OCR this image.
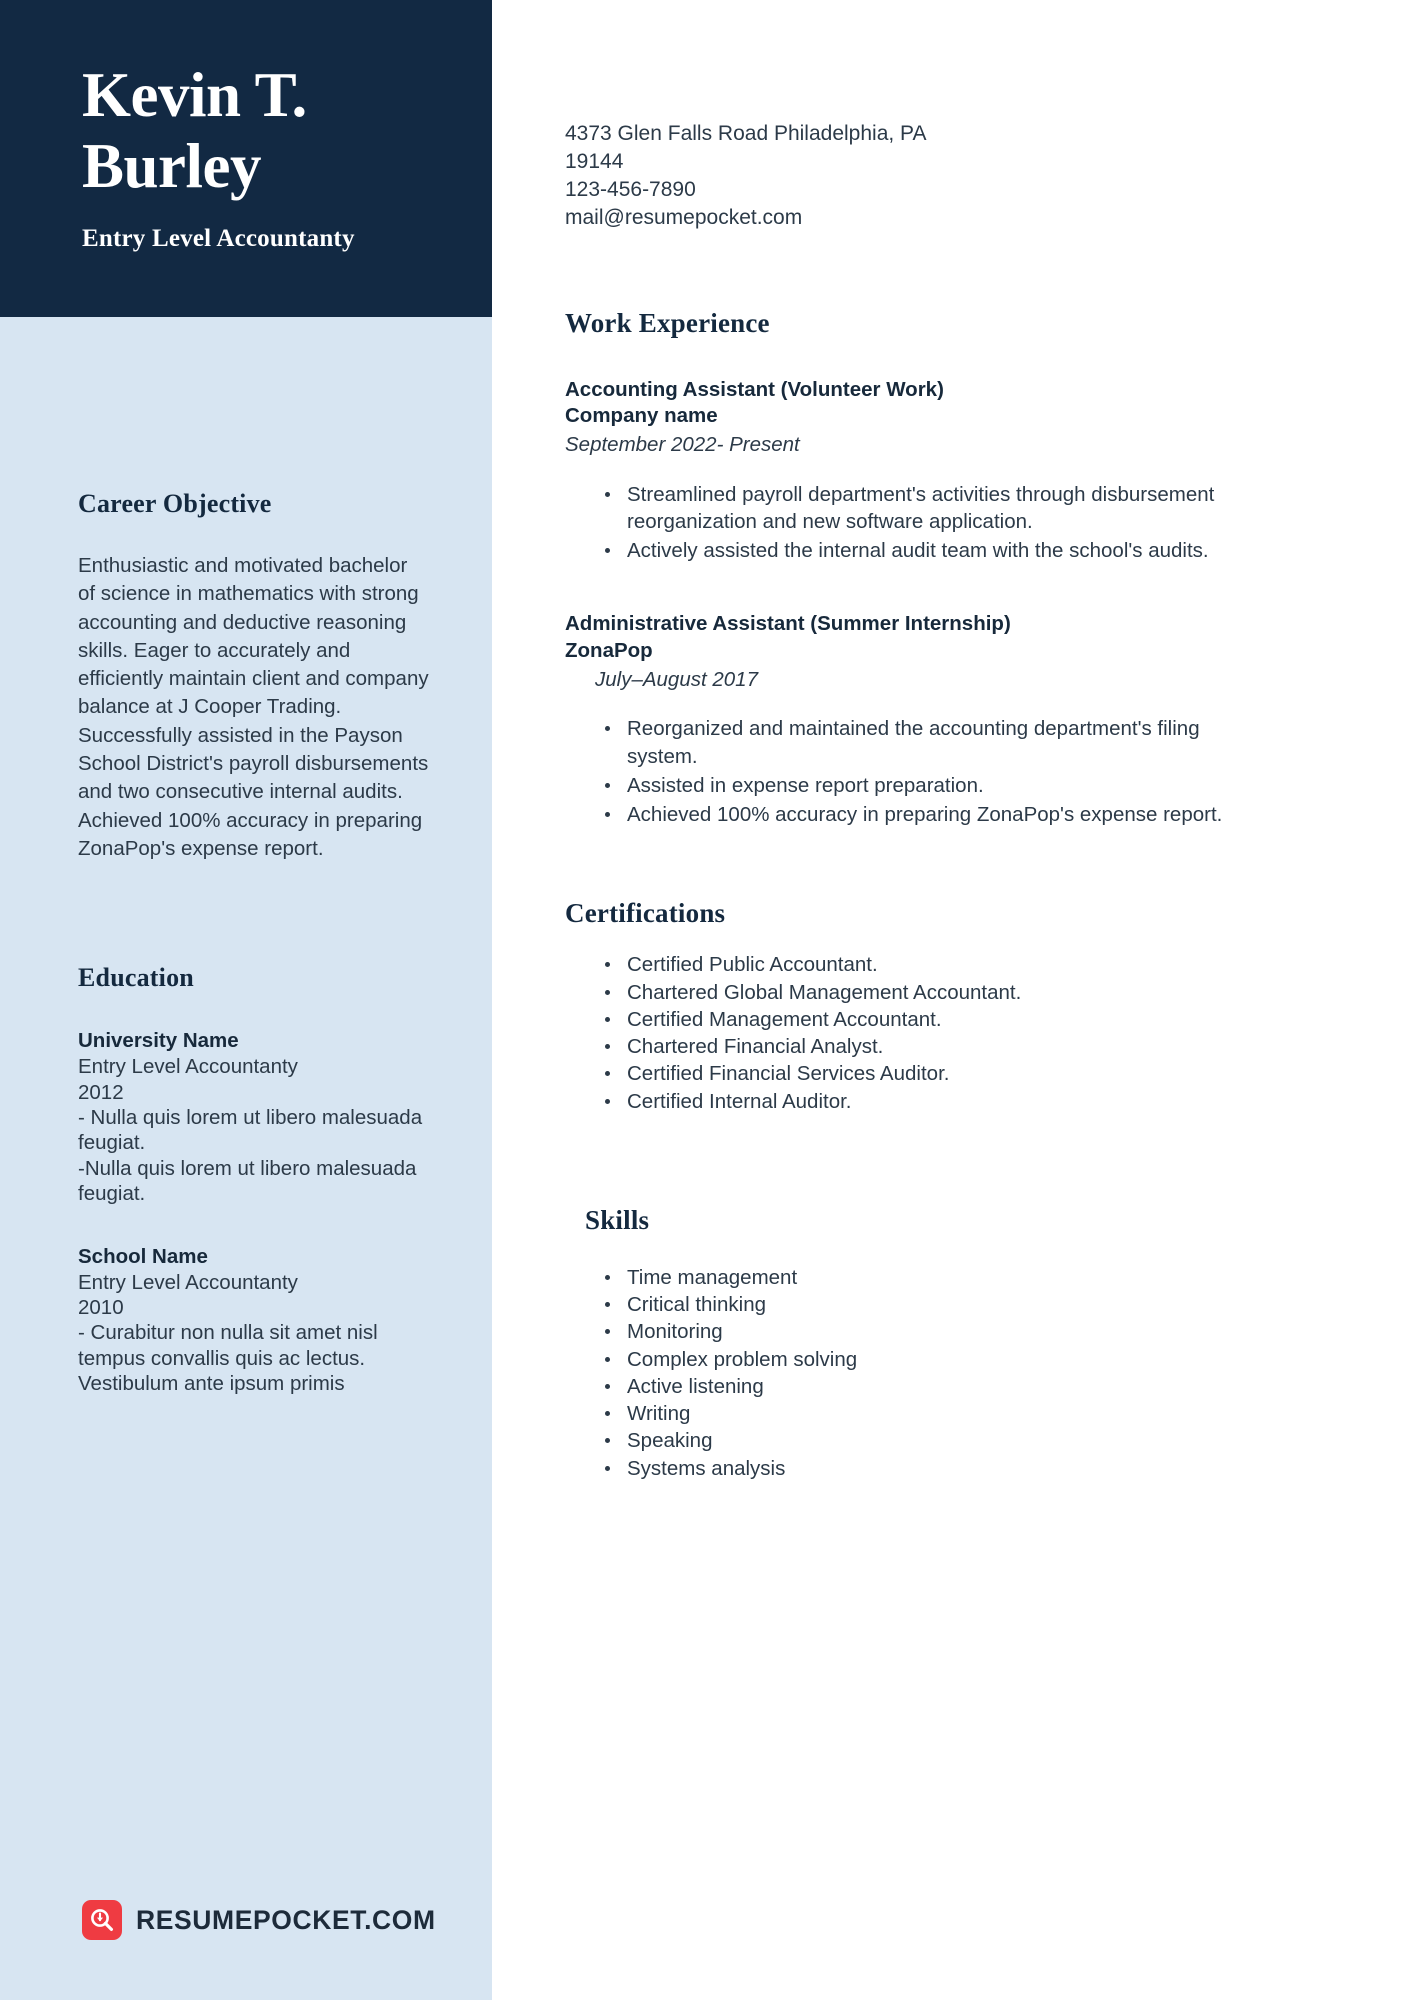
Kevin T. Burley
Entry Level Accountanty
Career Objective
Enthusiastic and motivated bachelor of science in mathematics with strong accounting and deductive reasoning skills. Eager to accurately and efficiently maintain client and company balance at J Cooper Trading. Successfully assisted in the Payson School District's payroll disbursements and two consecutive internal audits. Achieved 100% accuracy in preparing ZonaPop's expense report.
Education
University Name
Entry Level Accountanty
2012
- Nulla quis lorem ut libero malesuada feugiat.
-Nulla quis lorem ut libero malesuada feugiat.
School Name
Entry Level Accountanty
2010
- Curabitur non nulla sit amet nisl tempus convallis quis ac lectus. Vestibulum ante ipsum primis
RESUMEPOCKET.COM
4373 Glen Falls Road Philadelphia, PA
19144
123-456-7890
mail@resumepocket.com
Work Experience
Accounting Assistant (Volunteer Work)
Company name
September 2022- Present
Streamlined payroll department's activities through disbursement reorganization and new software application.
Actively assisted the internal audit team with the school's audits.
Administrative Assistant (Summer Internship)
ZonaPop
July–August 2017
Reorganized and maintained the accounting department's filing system.
Assisted in expense report preparation.
Achieved 100% accuracy in preparing ZonaPop's expense report.
Certifications
Certified Public Accountant.
Chartered Global Management Accountant.
Certified Management Accountant.
Chartered Financial Analyst.
Certified Financial Services Auditor.
Certified Internal Auditor.
Skills
Time management
Critical thinking
Monitoring
Complex problem solving
Active listening
Writing
Speaking
Systems analysis
